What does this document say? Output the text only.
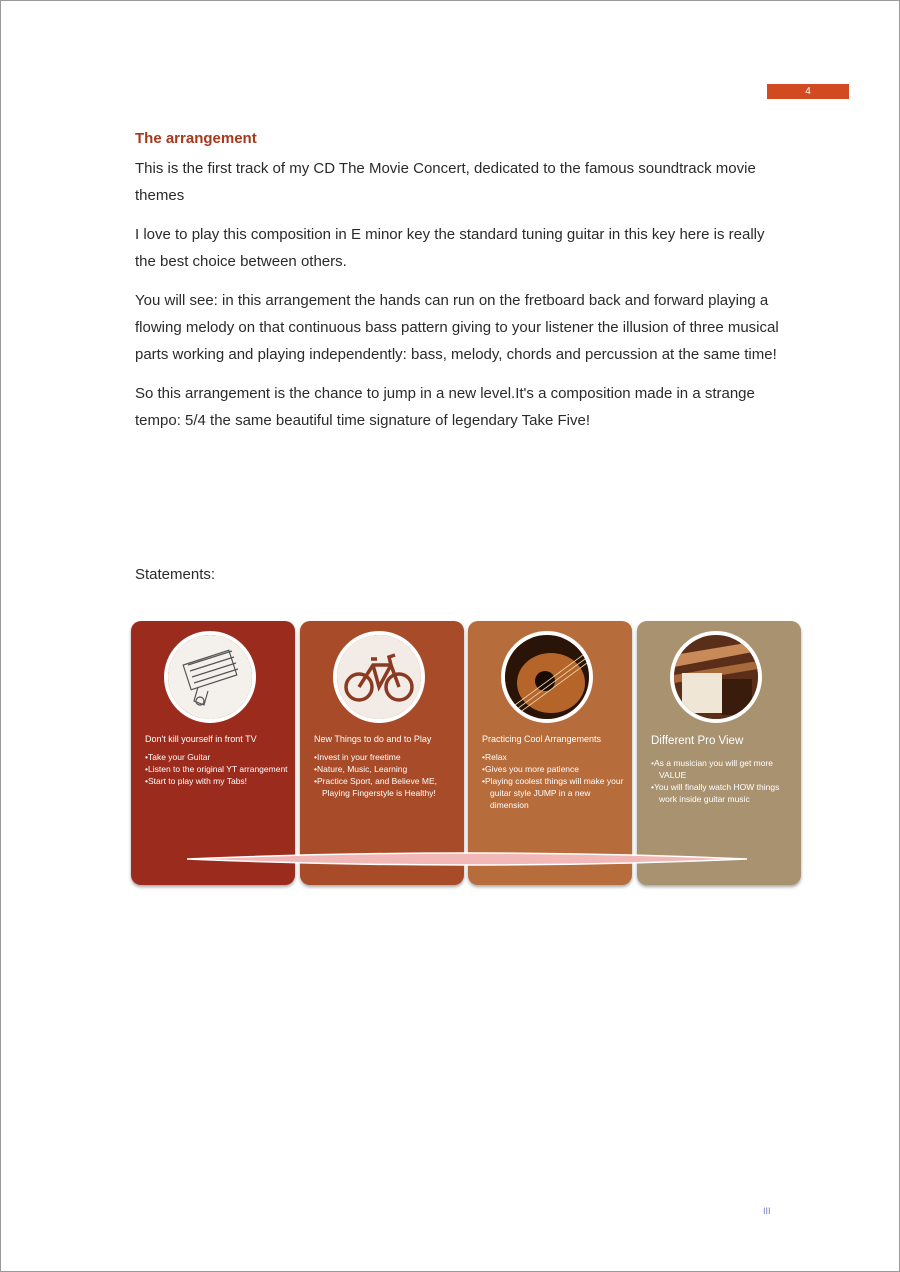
4
The arrangement

This is the first track of my CD The Movie Concert, dedicated to the famous soundtrack movie themes

I love to play this composition in E minor key the standard tuning guitar in this key here is really the best choice between others.

You will see: in this arrangement the hands can run on the fretboard back and forward playing a flowing melody on that continuous bass pattern giving to your listener the illusion of three musical parts working and playing independently: bass, melody, chords and percussion at the same time!

So this arrangement is the chance to jump in a new level.It's a composition made in a strange tempo: 5/4 the same beautiful time signature of legendary Take Five!

Statements:
Don't kill yourself in front TV
• Take your Guitar
• Listen to the original YT arrangement
• Start to play with my Tabs!
New Things to do and to Play
• Invest in your freetime
• Nature, Music, Learning
• Practice Sport, and Believe ME, Playing Fingerstyle is Healthy!
Practicing Cool Arrangements
• Relax
• Gives you more patience
• Playing coolest things will make your guitar style JUMP in a new dimension
Different Pro View
• As a musician you will get more VALUE
• You will finally watch HOW things work inside guitar music
III
